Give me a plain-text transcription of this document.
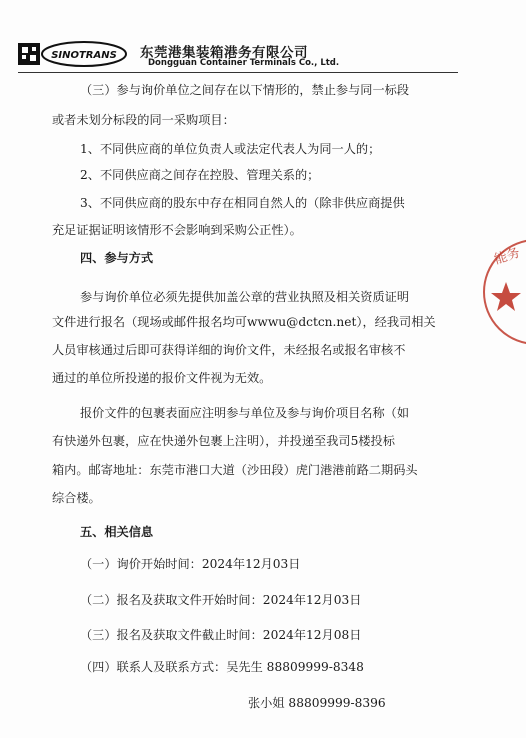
SINOTRANS 东莞港集装箱港务有限公司
Dongguan Container Terminals Co., Ltd.
（三）参与询价单位之间存在以下情形的，禁止参与同一标段
或者未划分标段的同一采购项目：
1、不同供应商的单位负责人或法定代表人为同一人的；
2、不同供应商之间存在控股、管理关系的；
3、不同供应商的股东中存在相同自然人的（除非供应商提供
充足证据证明该情形不会影响到采购公正性）。
四、参与方式
参与询价单位必须先提供加盖公章的营业执照及相关资质证明
文件进行报名（现场或邮件报名均可wwwu@dctcn.net），经我司相关
人员审核通过后即可获得详细的询价文件，未经报名或报名审核不
通过的单位所投递的报价文件视为无效。
报价文件的包裹表面应注明参与单位及参与询价项目名称（如
有快递外包裹，应在快递外包裹上注明），并投递至我司5楼投标
箱内。邮寄地址：东莞市港口大道（沙田段）虎门港港前路二期码头
综合楼。
五、相关信息
（一）询价开始时间：2024年12月03日
（二）报名及获取文件开始时间：2024年12月03日
（三）报名及获取文件截止时间：2024年12月08日
（四）联系人及联系方式：吴先生 88809999-8348
张小姐 88809999-8396
能务
